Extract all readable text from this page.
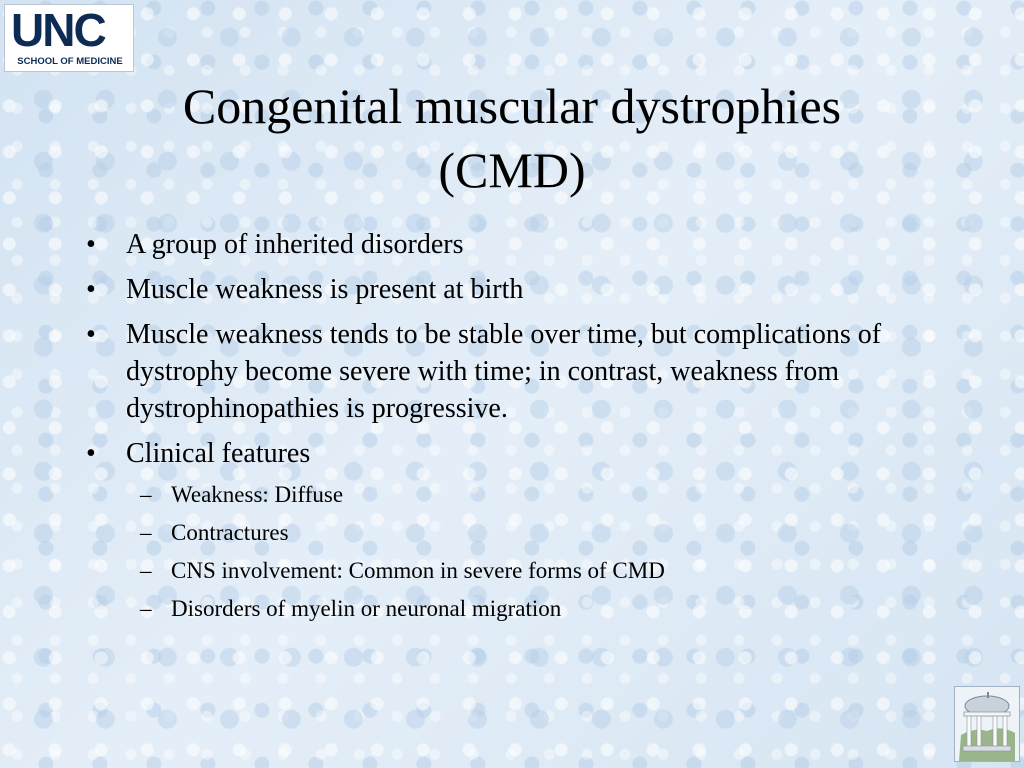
UNC
SCHOOL OF MEDICINE
Congenital muscular dystrophies
(CMD)
• A group of inherited disorders
• Muscle weakness is present at birth
• Muscle weakness tends to be stable over time, but complications of dystrophy become severe with time; in contrast, weakness from dystrophinopathies is progressive.
• Clinical features
– Weakness: Diffuse
– Contractures
– CNS involvement: Common in severe forms of CMD
– Disorders of myelin or neuronal migration
